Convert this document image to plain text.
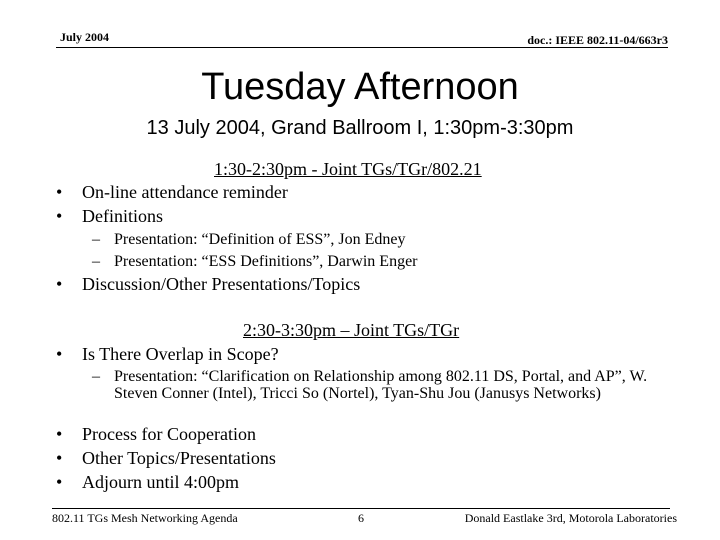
July 2004	doc.: IEEE 802.11-04/663r3
Tuesday Afternoon
13 July 2004, Grand Ballroom I, 1:30pm-3:30pm
1:30-2:30pm - Joint TGs/TGr/802.21
• On-line attendance reminder
• Definitions
– Presentation: “Definition of ESS”, Jon Edney
– Presentation: “ESS Definitions”, Darwin Enger
• Discussion/Other Presentations/Topics
2:30-3:30pm – Joint TGs/TGr
• Is There Overlap in Scope?
– Presentation: “Clarification on Relationship among 802.11 DS, Portal, and AP”, W. Steven Conner (Intel), Tricci So (Nortel), Tyan-Shu Jou (Janusys Networks)
• Process for Cooperation
• Other Topics/Presentations
• Adjourn until 4:00pm
802.11 TGs Mesh Networking Agenda	6	Donald Eastlake 3rd, Motorola Laboratories
